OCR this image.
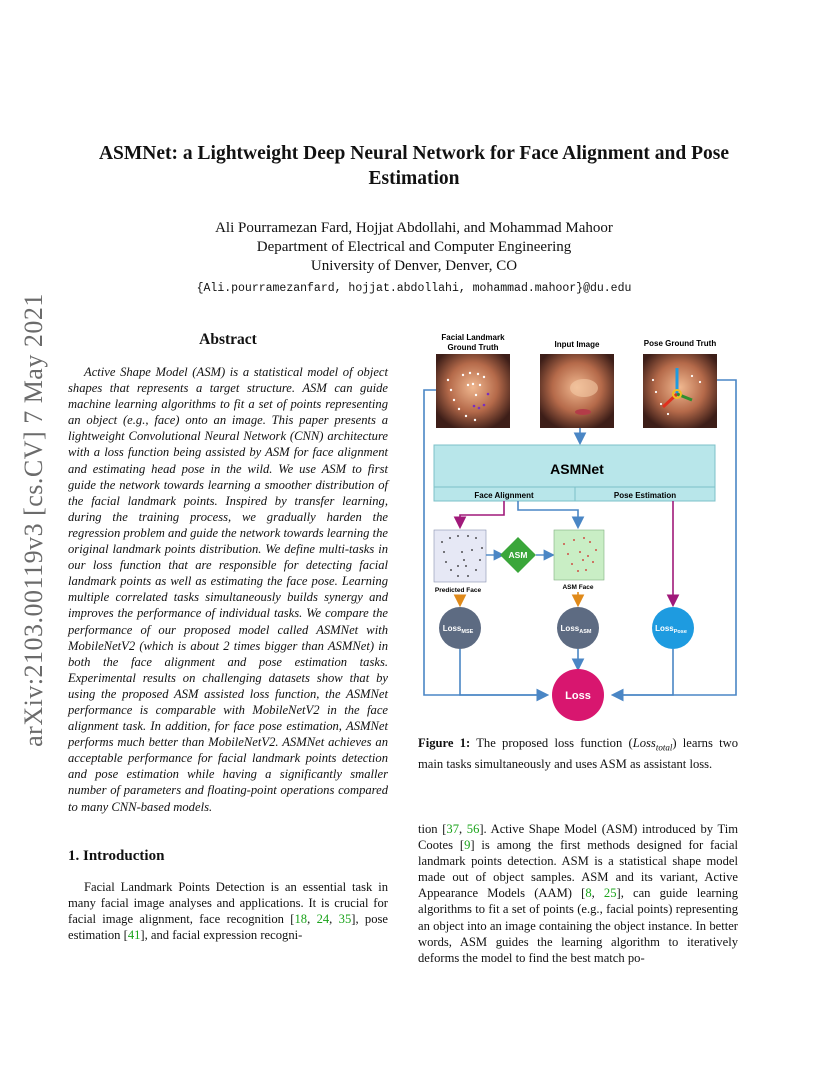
arXiv:2103.00119v3 [cs.CV] 7 May 2021
ASMNet: a Lightweight Deep Neural Network for Face Alignment and Pose Estimation
Ali Pourramezan Fard, Hojjat Abdollahi, and Mohammad Mahoor
Department of Electrical and Computer Engineering
University of Denver, Denver, CO
{Ali.pourramezanfard, hojjat.abdollahi, mohammad.mahoor}@du.edu
Abstract

Active Shape Model (ASM) is a statistical model of object shapes that represents a target structure. ASM can guide machine learning algorithms to fit a set of points representing an object (e.g., face) onto an image. This paper presents a lightweight Convolutional Neural Network (CNN) architecture with a loss function being assisted by ASM for face alignment and estimating head pose in the wild. We use ASM to first guide the network towards learning a smoother distribution of the facial landmark points. Inspired by transfer learning, during the training process, we gradually harden the regression problem and guide the network towards learning the original landmark points distribution. We define multi-tasks in our loss function that are responsible for detecting facial landmark points as well as estimating the face pose. Learning multiple correlated tasks simultaneously builds synergy and improves the performance of individual tasks. We compare the performance of our proposed model called ASMNet with MobileNetV2 (which is about 2 times bigger than ASMNet) in both the face alignment and pose estimation tasks. Experimental results on challenging datasets show that by using the proposed ASM assisted loss function, the ASMNet performance is comparable with MobileNetV2 in the face alignment task. In addition, for face pose estimation, ASMNet performs much better than MobileNetV2. ASMNet achieves an acceptable performance for facial landmark points detection and pose estimation while having a significantly smaller number of parameters and floating-point operations compared to many CNN-based models.

1. Introduction

Facial Landmark Points Detection is an essential task in many facial image analyses and applications. It is crucial for facial image alignment, face recognition [18, 24, 35], pose estimation [41], and facial expression recogni-

Facial Landmark
Ground Truth	Input Image	Pose Ground Truth
ASMNet
Face Alignment	Pose Estimation
Predicted Face
ASM
ASM Face
Loss$_{MSE}$	Loss$_{ASM}$	Loss$_{Pose}$
Loss
Figure 1: The proposed loss function (Loss$_{total}$) learns two main tasks simultaneously and uses ASM as assistant loss.

tion [37, 56]. Active Shape Model (ASM) introduced by Tim Cootes [9] is among the first methods designed for facial landmark points detection. ASM is a statistical shape model made out of object samples. ASM and its variant, Active Appearance Models (AAM) [8, 25], can guide learning algorithms to fit a set of points (e.g., facial points) representing an object into an image containing the object instance. In better words, ASM guides the learning algorithm to iteratively deforms the model to find the best match po-
